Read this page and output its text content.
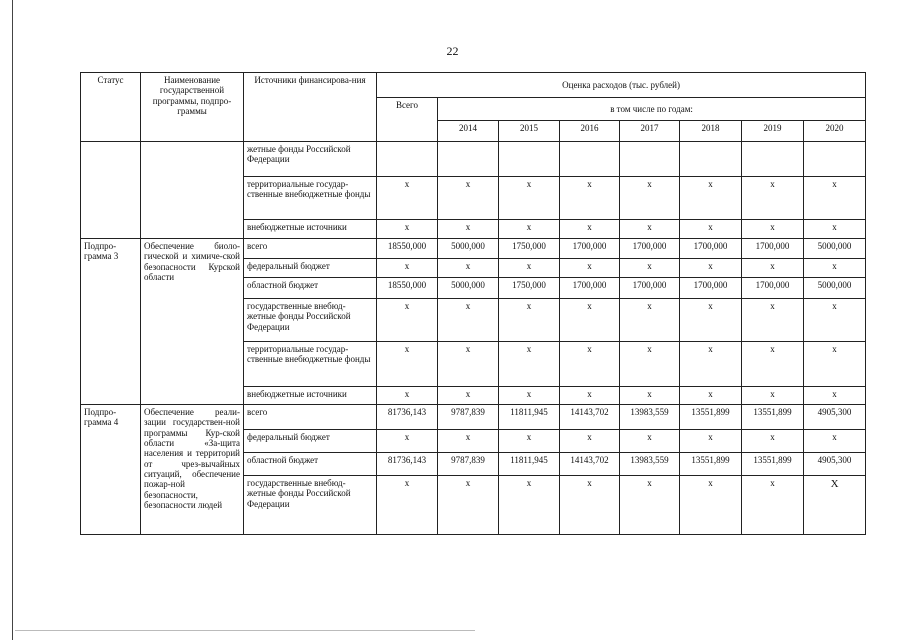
22
Статус	Наименование государственной программы, подпро-граммы	Источники финансирова-ния	Оценка расходов (тыс. рублей)							
			Всего	в том числе по годам:						
				2014	2015	2016	2017	2018	2019	2020
		жетные фонды Российской Федерации								
		территориальные государ-ственные внебюджетные фонды	x	x	x	x	x	x	x	x
		внебюджетные источники	x	x	x	x	x	x	x	x
Подпро-грамма 3	Обеспечение биоло-гической и химиче-ской безопасности Курской области	всего	18550,000	5000,000	1750,000	1700,000	1700,000	1700,000	1700,000	5000,000
		федеральный бюджет	x	x	x	x	x	x	x	x
		областной бюджет	18550,000	5000,000	1750,000	1700,000	1700,000	1700,000	1700,000	5000,000
		государственные внебюд-жетные фонды Российской Федерации	x	x	x	x	x	x	x	x
		территориальные государ-ственные внебюджетные фонды	x	x	x	x	x	x	x	x
		внебюджетные источники	x	x	x	x	x	x	x	x
Подпро-грамма 4	Обеспечение реали-зации государствен-ной программы Кур-ской области «За-щита населения и территорий от чрез-вычайных ситуаций, обеспечение пожар-ной безопасности, безопасности людей	всего	81736,143	9787,839	11811,945	14143,702	13983,559	13551,899	13551,899	4905,300
		федеральный бюджет	x	x	x	x	x	x	x	x
		областной бюджет	81736,143	9787,839	11811,945	14143,702	13983,559	13551,899	13551,899	4905,300
		государственные внебюд-жетные фонды Российской Федерации	x	x	x	x	x	x	x	X
